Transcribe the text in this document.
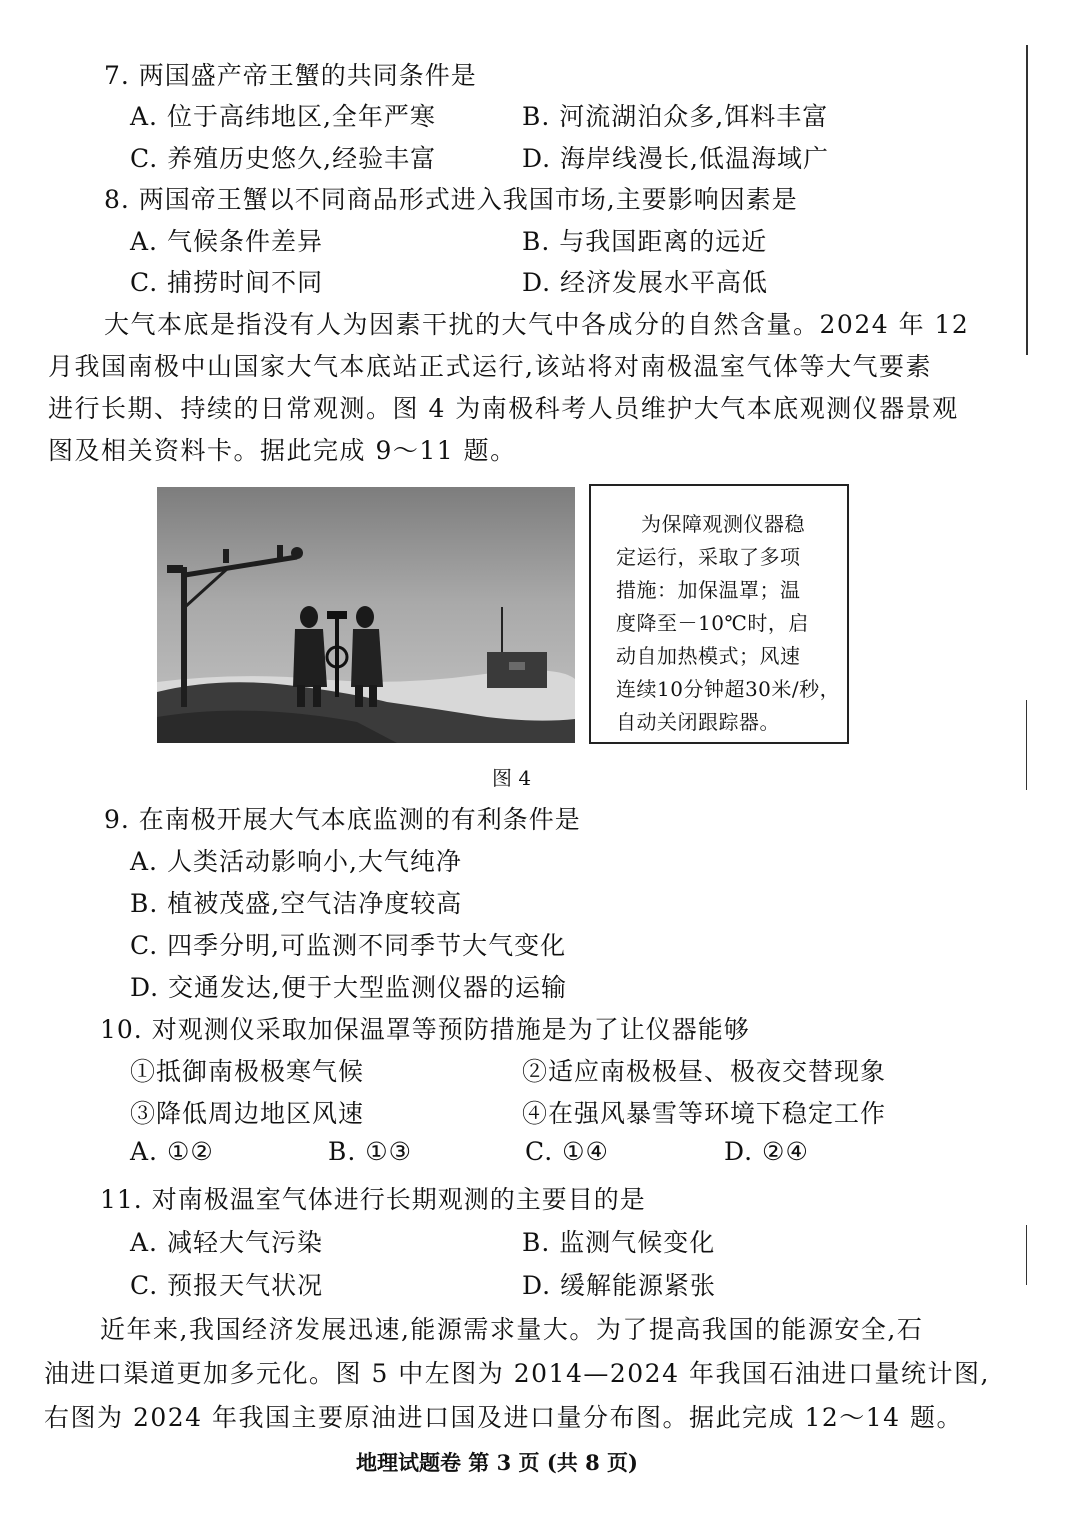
7. 两国盛产帝王蟹的共同条件是
A. 位于高纬地区,全年严寒	B. 河流湖泊众多,饵料丰富
C. 养殖历史悠久,经验丰富	D. 海岸线漫长,低温海域广
8. 两国帝王蟹以不同商品形式进入我国市场,主要影响因素是
A. 气候条件差异	B. 与我国距离的远近
C. 捕捞时间不同	D. 经济发展水平高低
大气本底是指没有人为因素干扰的大气中各成分的自然含量。2024 年 12
月我国南极中山国家大气本底站正式运行,该站将对南极温室气体等大气要素
进行长期、持续的日常观测。图 4 为南极科考人员维护大气本底观测仪器景观
图及相关资料卡。据此完成 9～11 题。
为保障观测仪器稳
定运行，采取了多项
措施：加保温罩；温
度降至－10℃时，启
动自加热模式；风速
连续10分钟超30米/秒，
自动关闭跟踪器。
图 4
9. 在南极开展大气本底监测的有利条件是
A. 人类活动影响小,大气纯净
B. 植被茂盛,空气洁净度较高
C. 四季分明,可监测不同季节大气变化
D. 交通发达,便于大型监测仪器的运输
10. 对观测仪采取加保温罩等预防措施是为了让仪器能够
①抵御南极极寒气候	②适应南极极昼、极夜交替现象
③降低周边地区风速	④在强风暴雪等环境下稳定工作
A. ①②	B. ①③	C. ①④	D. ②④
11. 对南极温室气体进行长期观测的主要目的是
A. 减轻大气污染	B. 监测气候变化
C. 预报天气状况	D. 缓解能源紧张
近年来,我国经济发展迅速,能源需求量大。为了提高我国的能源安全,石
油进口渠道更加多元化。图 5 中左图为 2014—2024 年我国石油进口量统计图,
右图为 2024 年我国主要原油进口国及进口量分布图。据此完成 12～14 题。
地理试题卷 第 3 页 (共 8 页)
